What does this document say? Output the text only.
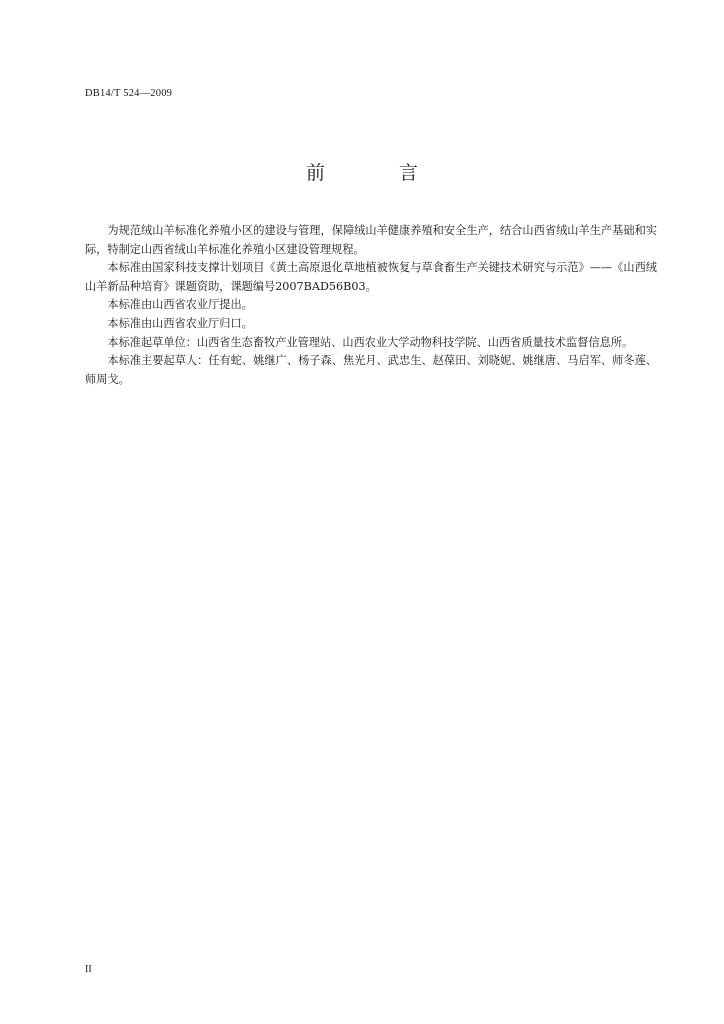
DB14/T 524—2009
前 言

为规范绒山羊标准化养殖小区的建设与管理，保障绒山羊健康养殖和安全生产，结合山西省绒山羊生产基础和实际，特制定山西省绒山羊标准化养殖小区建设管理规程。

本标准由国家科技支撑计划项目《黄土高原退化草地植被恢复与草食畜生产关键技术研究与示范》——《山西绒山羊新品种培育》课题资助，课题编号2007BAD56B03。

本标准由山西省农业厅提出。

本标准由山西省农业厅归口。

本标准起草单位：山西省生态畜牧产业管理站、山西农业大学动物科技学院、山西省质量技术监督信息所。

本标准主要起草人：任有蛇、姚继广、杨子森、焦光月、武忠生、赵葆田、刘晓妮、姚继唐、马启军、师冬莲、师周戈。

II
